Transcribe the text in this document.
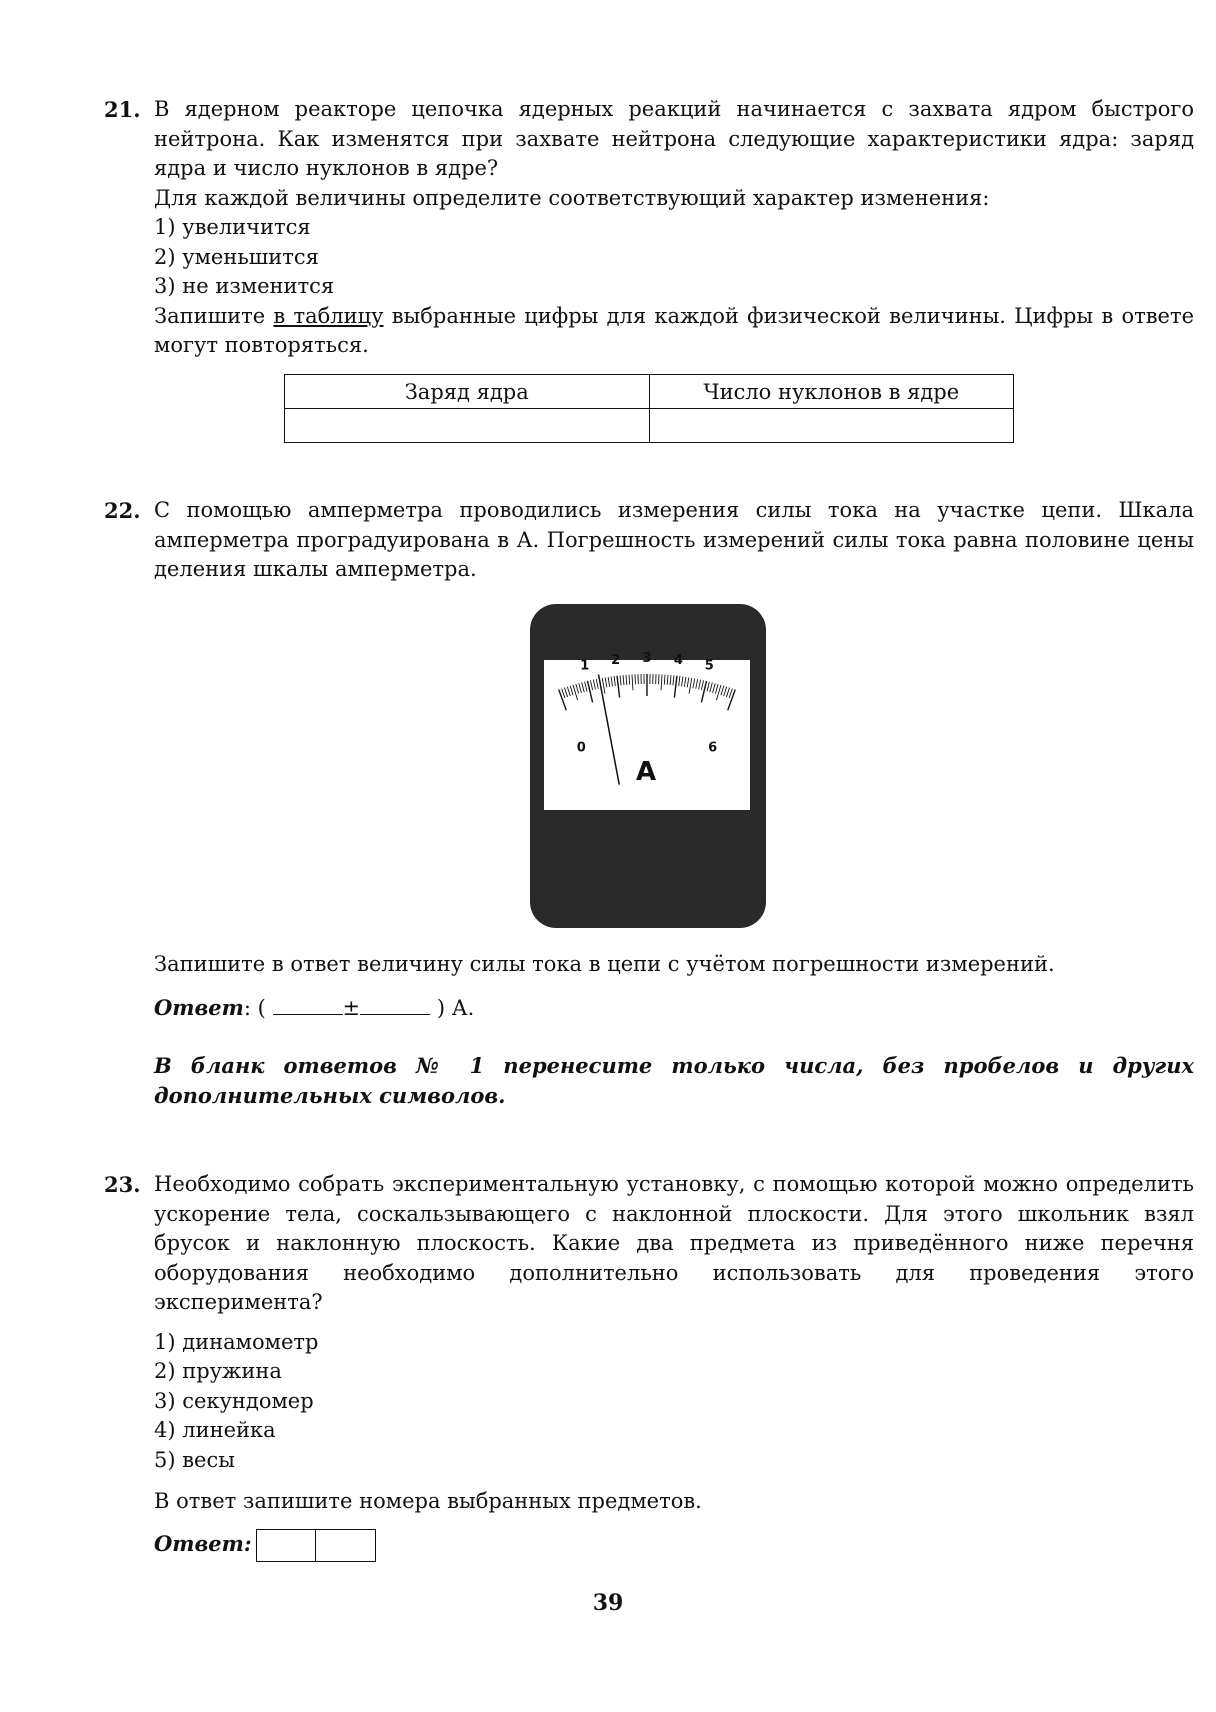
21. В ядерном реакторе цепочка ядерных реакций начинается с захвата ядром быстрого нейтрона. Как изменятся при захвате нейтрона следующие характеристики ядра: заряд ядра и число нуклонов в ядре?

Для каждой величины определите соответствующий характер изменения:

1) увеличится
2) уменьшится
3) не изменится

Запишите в таблицу выбранные цифры для каждой физической величины. Цифры в ответе могут повторяться.

Заряд ядра	Число нуклонов в ядре

22. С помощью амперметра проводились измерения силы тока на участке цепи. Шкала амперметра проградуирована в А. Погрешность измерений силы тока равна половине цены деления шкалы амперметра.

0
1 2 3 4 5
6
A

Запишите в ответ величину силы тока в цепи с учётом погрешности измерений.

Ответ: (	±	) А.

В бланк ответов № 1 перенесите только числа, без пробелов и других дополнительных символов.

23. Необходимо собрать экспериментальную установку, с помощью которой можно определить ускорение тела, соскальзывающего с наклонной плоскости. Для этого школьник взял брусок и наклонную плоскость. Какие два предмета из приведённого ниже перечня оборудования необходимо дополнительно использовать для проведения этого эксперимента?

1) динамометр
2) пружина
3) секундомер
4) линейка
5) весы

В ответ запишите номера выбранных предметов.

Ответ:

39
